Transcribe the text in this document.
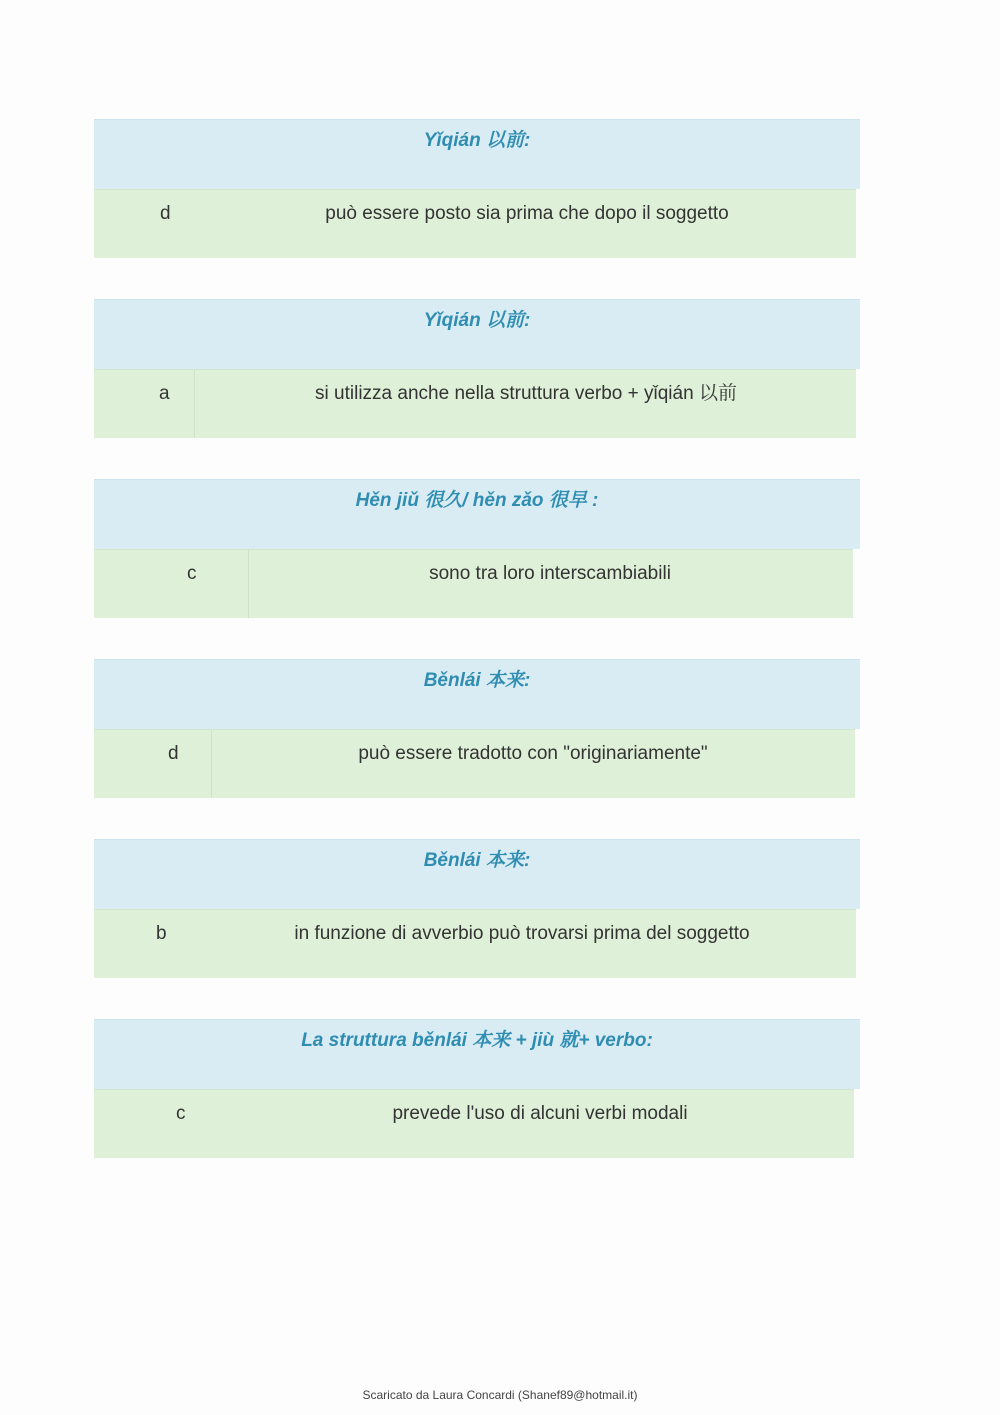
Yǐqián 以前:
d	può essere posto sia prima che dopo il soggetto
Yǐqián 以前:
a	si utilizza anche nella struttura verbo + yǐqián 以前
Hěn jiǔ 很久/ hěn zǎo 很早 :
c	sono tra loro interscambiabili
Běnlái 本来:
d	può essere tradotto con "originariamente"
Běnlái 本来:
b	in funzione di avverbio può trovarsi prima del soggetto
La struttura běnlái 本来 + jiù 就+ verbo:
c	prevede l'uso di alcuni verbi modali
Scaricato da Laura Concardi (Shanef89@hotmail.it)
